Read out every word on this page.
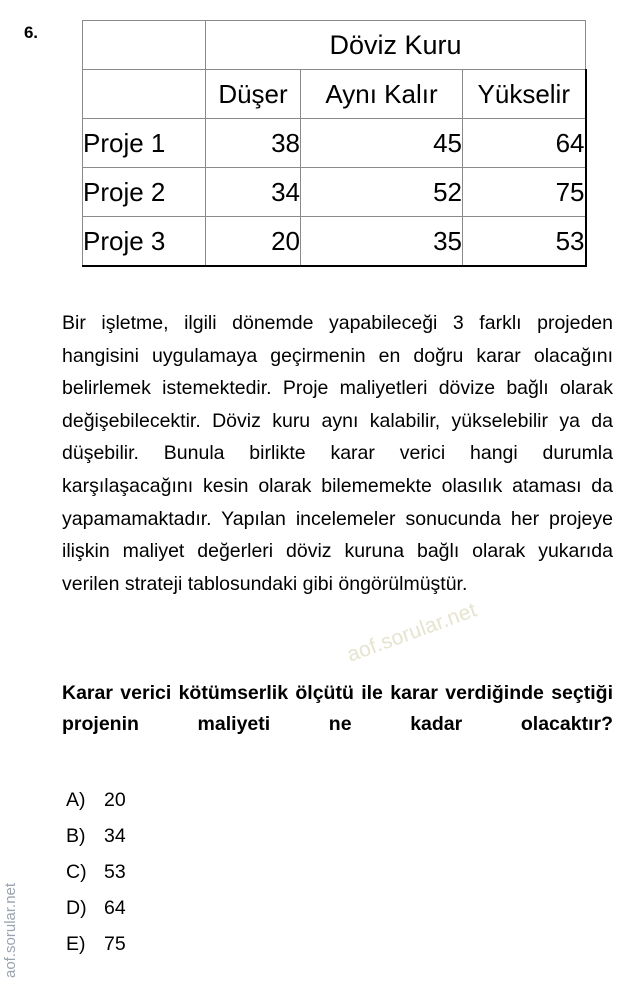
6.
		Döviz Kuru		
	Düşer	Aynı Kalır	Yükselir
Proje 1	38	45	64
Proje 2	34	52	75
Proje 3	20	35	53
Bir işletme, ilgili dönemde yapabileceği 3 farklı projeden hangisini uygulamaya geçirmenin en doğru karar olacağını belirlemek istemektedir. Proje maliyetleri dövize bağlı olarak değişebilecektir. Döviz kuru aynı kalabilir, yükselebilir ya da düşebilir. Bunula birlikte karar verici hangi durumla karşılaşacağını kesin olarak bilememekte olasılık ataması da yapamamaktadır. Yapılan incelemeler sonucunda her projeye ilişkin maliyet değerleri döviz kuruna bağlı olarak yukarıda verilen strateji tablosundaki gibi öngörülmüştür.
Karar verici kötümserlik ölçütü ile karar verdiğinde seçtiği projenin maliyeti ne kadar olacaktır?
A) 20
B) 34
C) 53
D) 64
E) 75
aof.sorular.net
aof.sorular.net
